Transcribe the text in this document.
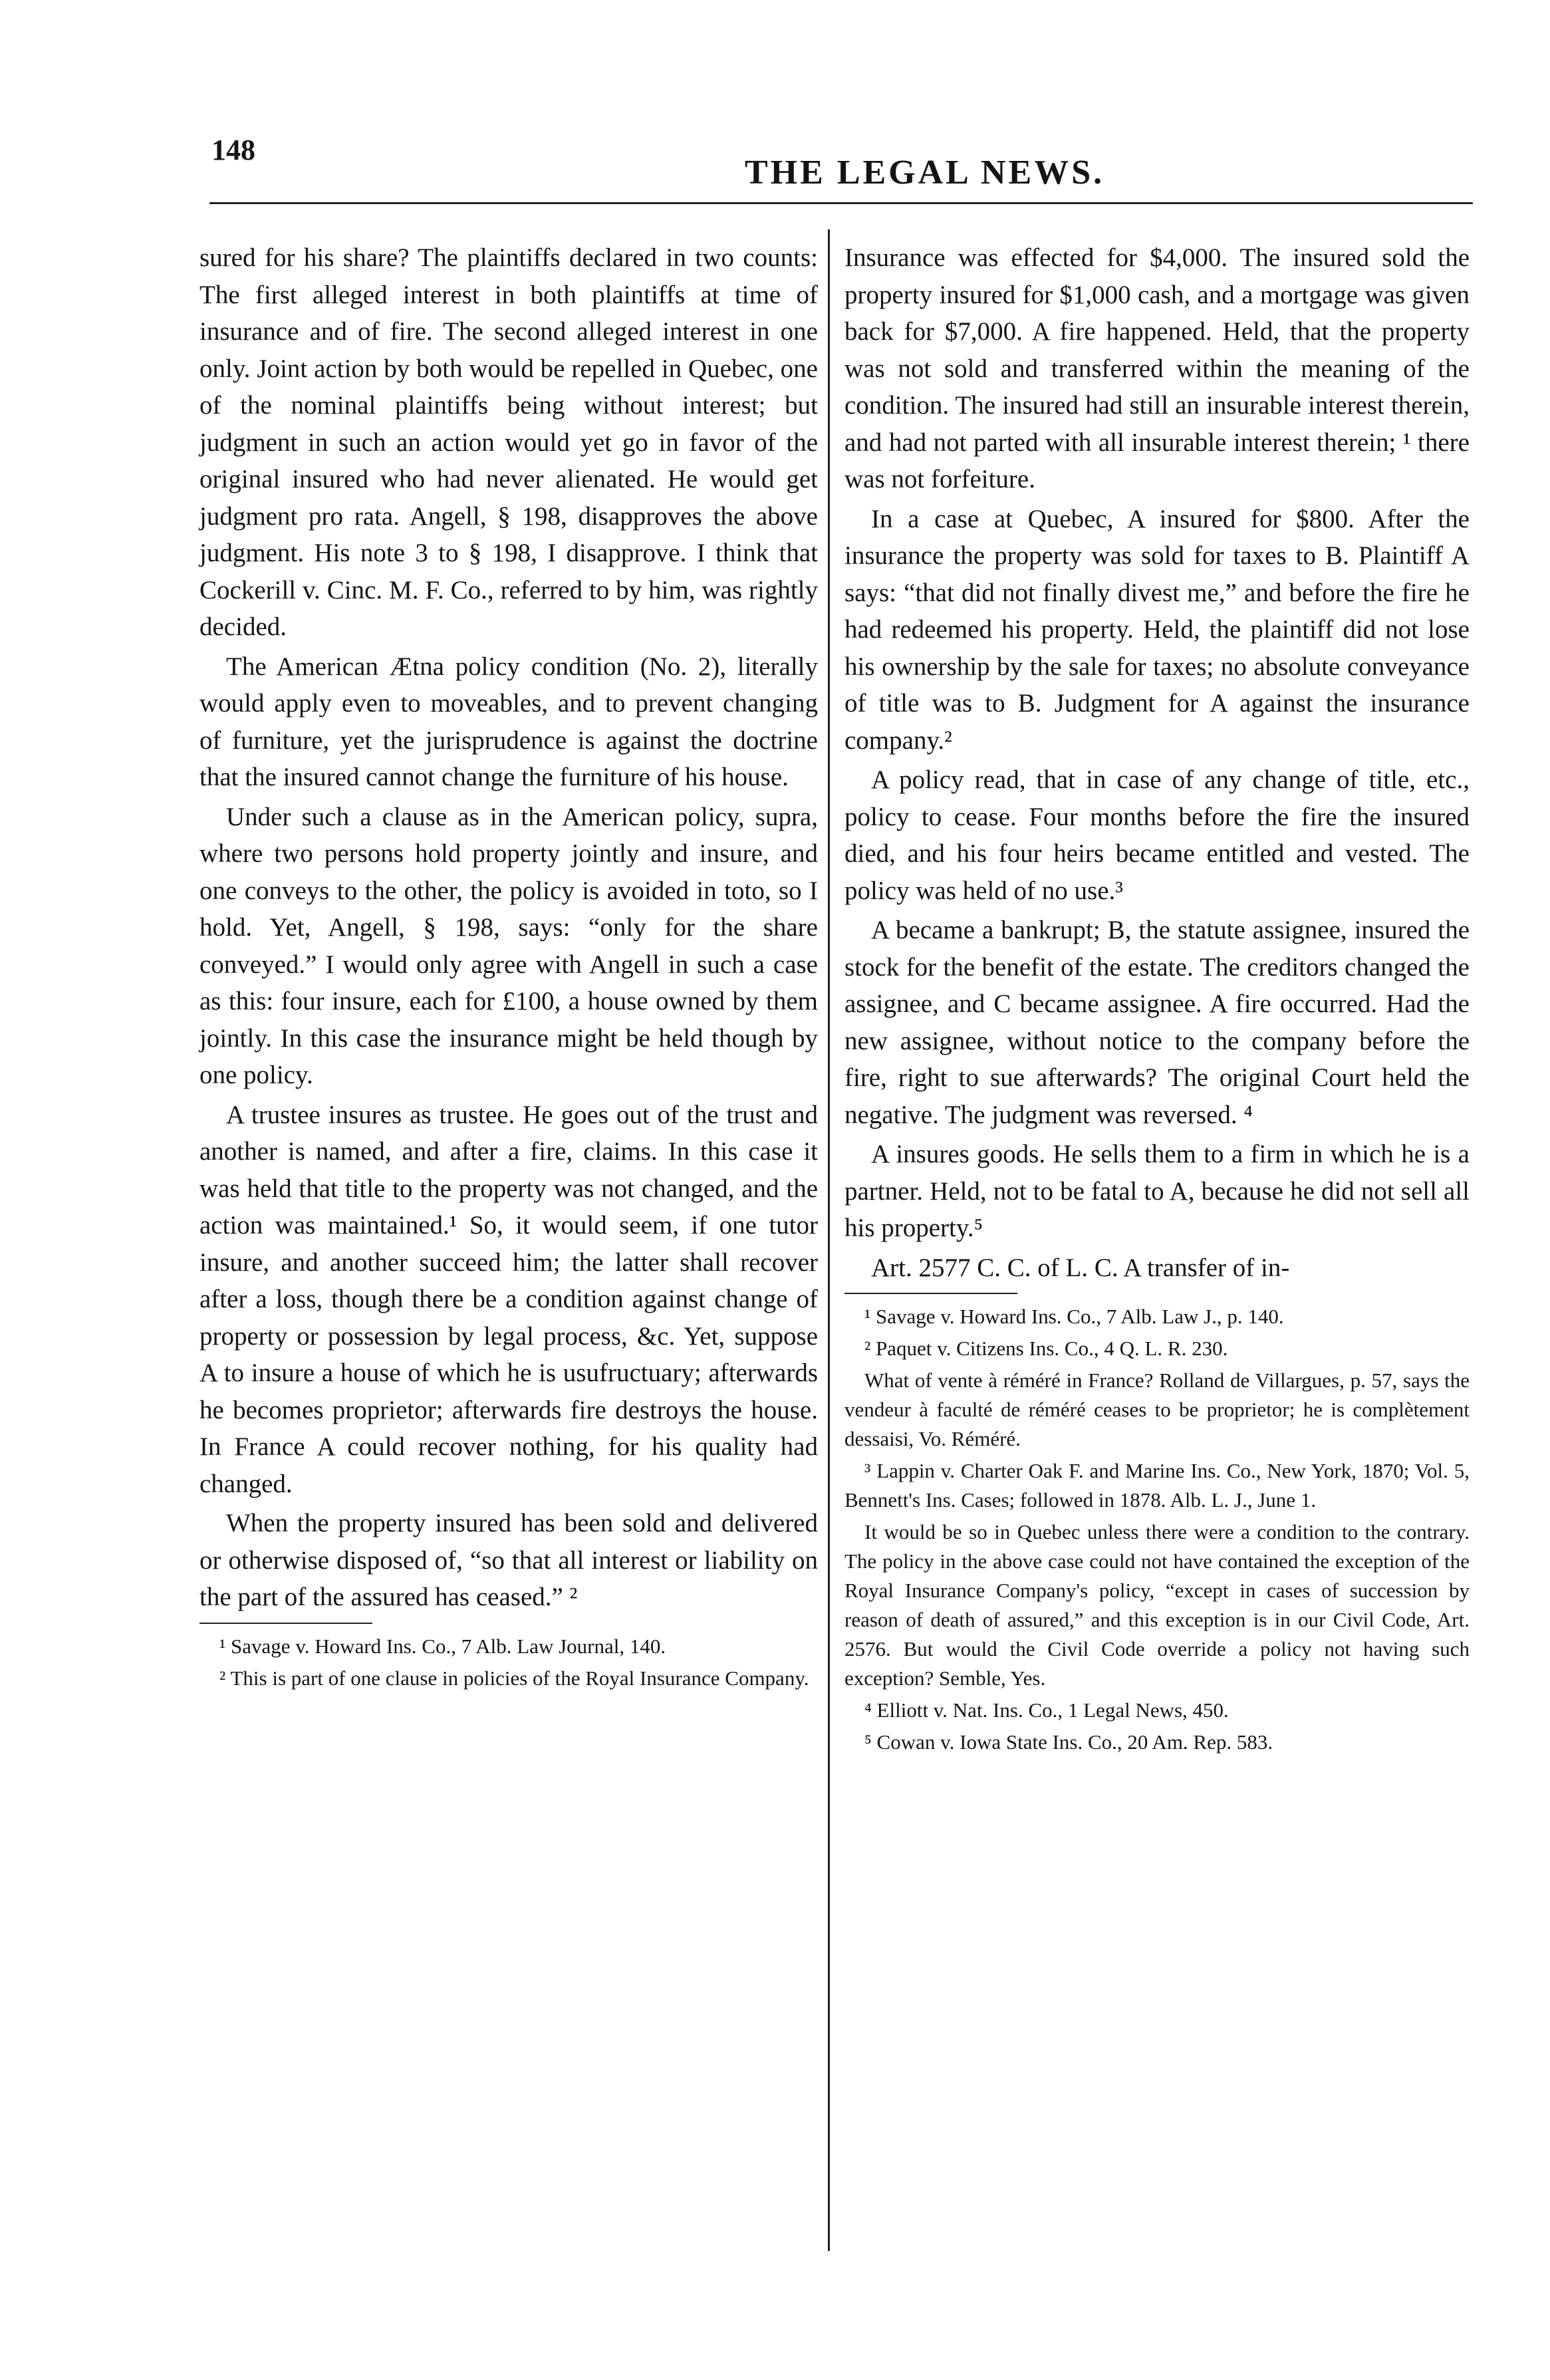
148
THE LEGAL NEWS.

sured for his share? The plaintiffs declared in two counts: The first alleged interest in both plaintiffs at time of insurance and of fire. The second alleged interest in one only. Joint action by both would be repelled in Quebec, one of the nominal plaintiffs being without interest; but judgment in such an action would yet go in favor of the original insured who had never alienated. He would get judgment pro rata. Angell, § 198, disapproves the above judgment. His note 3 to § 198, I disapprove. I think that Cockerill v. Cinc. M. F. Co., referred to by him, was rightly decided.

The American Ætna policy condition (No. 2), literally would apply even to moveables, and to prevent changing of furniture, yet the jurisprudence is against the doctrine that the insured cannot change the furniture of his house.

Under such a clause as in the American policy, supra, where two persons hold property jointly and insure, and one conveys to the other, the policy is avoided in toto, so I hold. Yet, Angell, § 198, says: “only for the share conveyed.” I would only agree with Angell in such a case as this: four insure, each for £100, a house owned by them jointly. In this case the insurance might be held though by one policy.

A trustee insures as trustee. He goes out of the trust and another is named, and after a fire, claims. In this case it was held that title to the property was not changed, and the action was maintained.¹ So, it would seem, if one tutor insure, and another succeed him; the latter shall recover after a loss, though there be a condition against change of property or possession by legal process, &c. Yet, suppose A to insure a house of which he is usufructuary; afterwards he becomes proprietor; afterwards fire destroys the house. In France A could recover nothing, for his quality had changed.

When the property insured has been sold and delivered or otherwise disposed of, “so that all interest or liability on the part of the assured has ceased.” ²

¹ Savage v. Howard Ins. Co., 7 Alb. Law Journal, 140.

² This is part of one clause in policies of the Royal Insurance Company.

Insurance was effected for $4,000. The insured sold the property insured for $1,000 cash, and a mortgage was given back for $7,000. A fire happened. Held, that the property was not sold and transferred within the meaning of the condition. The insured had still an insurable interest therein, and had not parted with all insurable interest therein; ¹ there was not forfeiture.

In a case at Quebec, A insured for $800. After the insurance the property was sold for taxes to B. Plaintiff A says: “that did not finally divest me,” and before the fire he had redeemed his property. Held, the plaintiff did not lose his ownership by the sale for taxes; no absolute conveyance of title was to B. Judgment for A against the insurance company.²

A policy read, that in case of any change of title, etc., policy to cease. Four months before the fire the insured died, and his four heirs became entitled and vested. The policy was held of no use.³

A became a bankrupt; B, the statute assignee, insured the stock for the benefit of the estate. The creditors changed the assignee, and C became assignee. A fire occurred. Had the new assignee, without notice to the company before the fire, right to sue afterwards? The original Court held the negative. The judgment was reversed. ⁴

A insures goods. He sells them to a firm in which he is a partner. Held, not to be fatal to A, because he did not sell all his property.⁵

Art. 2577 C. C. of L. C. A transfer of in-

¹ Savage v. Howard Ins. Co., 7 Alb. Law J., p. 140.

² Paquet v. Citizens Ins. Co., 4 Q. L. R. 230.

What of vente à réméré in France? Rolland de Villargues, p. 57, says the vendeur à faculté de réméré ceases to be proprietor; he is complètement dessaisi, Vo. Réméré.

³ Lappin v. Charter Oak F. and Marine Ins. Co., New York, 1870; Vol. 5, Bennett's Ins. Cases; followed in 1878. Alb. L. J., June 1.

It would be so in Quebec unless there were a condition to the contrary. The policy in the above case could not have contained the exception of the Royal Insurance Company's policy, “except in cases of succession by reason of death of assured,” and this exception is in our Civil Code, Art. 2576. But would the Civil Code override a policy not having such exception? Semble, Yes.

⁴ Elliott v. Nat. Ins. Co., 1 Legal News, 450.

⁵ Cowan v. Iowa State Ins. Co., 20 Am. Rep. 583.
